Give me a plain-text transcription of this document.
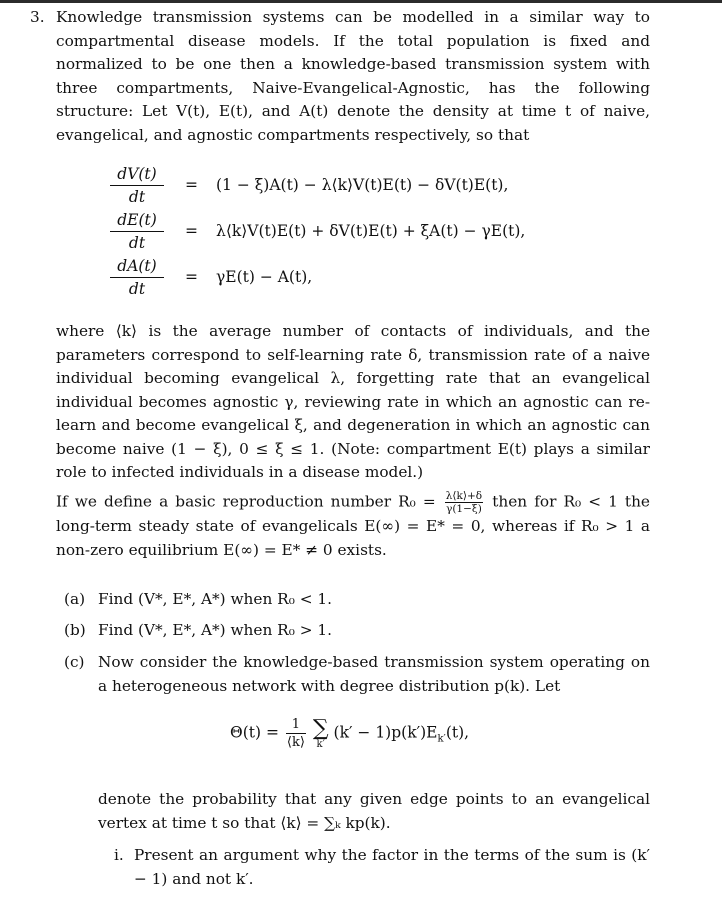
3. Knowledge transmission systems can be modelled in a similar way to compartmental disease models. If the total population is fixed and normalized to be one then a knowledge-based transmission system with three compartments, Naive-Evangelical-Agnostic, has the following structure: Let V(t), E(t), and A(t) denote the density at time t of naive, evangelical, and agnostic compartments respectively, so that

$\frac{dV(t)}{dt} = (1 - \xi)A(t)$ − λ⟨k⟩V(t)E(t) − δV(t)E(t),
$\frac{dE(t)}{dt}$ = λ⟨k⟩V(t)E(t) + δV(t)E(t) + ξA(t) − γE(t),
$\frac{dA(t)}{dt} = \gamma E(t) - A(t)$,

where ⟨k⟩ is the average number of contacts of individuals, and the parameters correspond to self-learning rate δ, transmission rate of a naive individual becoming evangelical λ, forgetting rate that an evangelical individual becomes agnostic γ, reviewing rate in which an agnostic can re-learn and become evangelical ξ, and degeneration in which an agnostic can become naive (1 − ξ), 0 ≤ ξ ≤ 1. (Note: compartment E(t) plays a similar role to infected individuals in a disease model.)

If we define a basic reproduction number $R_0 = \frac{\lambda⟨k⟩+\delta}{\gamma(1-\xi)}$ then for R₀ < 1 the long-term steady state of evangelicals E(∞) = E* = 0, whereas if R₀ > 1 a non-zero equilibrium E(∞) = E* ≠ 0 exists.

(a) Find (V*, E*, A*) when R₀ < 1.

(b) Find (V*, E*, A*) when R₀ > 1.

(c) Now consider the knowledge-based transmission system operating on a heterogeneous network with degree distribution p(k). Let

$\Theta(t) = \frac{1}{⟨k⟩}$
∑
k′
$(k' - 1)p(k')E_{k'}(t)$,

denote the probability that any given edge points to an evangelical vertex at time t so that ⟨k⟩ = ∑ₖ kp(k).

i. Present an argument why the factor in the terms of the sum is (k′ − 1) and not k′.
